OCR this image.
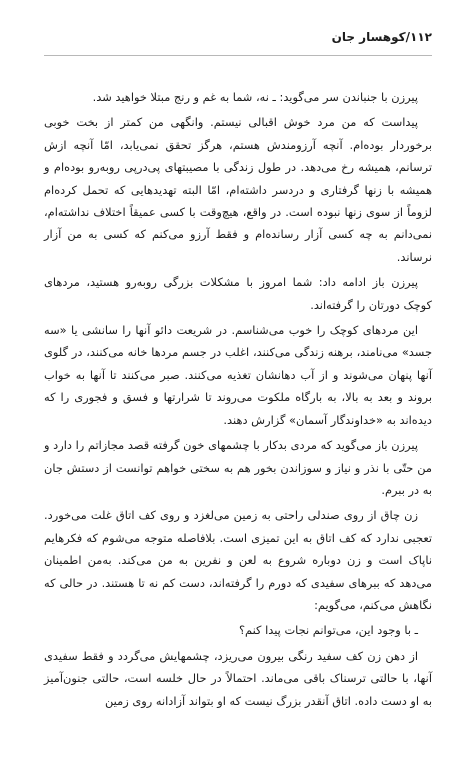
۱۱۲/کوهسار جان

پیرزن با جنباندن سر می‌گوید: ـ نه، شما به غم و رنج مبتلا خواهید شد.

پیداست که من مرد خوش اقبالی نیستم. وانگهی من کمتر از بخت خوبی برخوردار بوده‌ام. آنچه آرزومندش هستم، هرگز تحقق نمی‌یابد، امّا آنچه ازش ترسانم، همیشه رخ می‌دهد. در طول زندگی با مصیبتهای پی‌درپی روبه‌رو بوده‌ام و همیشه با زنها گرفتاری و دردسر داشته‌ام، امّا البته تهدیدهایی که تحمل کرده‌ام لزوماً از سوی زنها نبوده است. در واقع، هیچ‌وقت با کسی عمیقاً اختلاف نداشته‌ام، نمی‌دانم به چه کسی آزار رسانده‌ام و فقط آرزو می‌کنم که کسی به من آزار نرساند.

پیرزن باز ادامه داد: شما امروز با مشکلات بزرگی روبه‌رو هستید، مردهای کوچک دورتان را گرفته‌اند.

این مردهای کوچک را خوب می‌شناسم. در شریعت دائو آنها را سانشی یا «سه جسد» می‌نامند، برهنه زندگی می‌کنند، اغلب در جسم مردها خانه می‌کنند، در گلوی آنها پنهان می‌شوند و از آب دهانشان تغذیه می‌کنند. صبر می‌کنند تا آنها به خواب بروند و بعد به بالا، به بارگاه ملکوت می‌روند تا شرارتها و فسق و فجوری را که دیده‌اند به «خداوندگار آسمان» گزارش دهند.

پیرزن باز می‌گوید که مردی بدکار با چشمهای خون گرفته قصد مجازاتم را دارد و من حتّی با نذر و نیاز و سوزاندن بخور هم به سختی خواهم توانست از دستش جان به در ببرم.

زن چاق از روی صندلی راحتی به زمین می‌لغزد و روی کف اتاق غلت می‌خورد. تعجبی ندارد که کف اتاق به این تمیزی است. بلافاصله متوجه می‌شوم که فکرهایم ناپاک است و زن دوباره شروع به لعن و نفرین به من می‌کند. به‌من اطمینان می‌دهد که ببرهای سفیدی که دورم را گرفته‌اند، دست کم نه تا هستند. در حالی که نگاهش می‌کنم، می‌گویم:

ـ با وجود این، می‌توانم نجات پیدا کنم؟

از دهن زن کف سفید رنگی بیرون می‌ریزد، چشمهایش می‌گردد و فقط سفیدی آنها، با حالتی ترسناک باقی می‌ماند. احتمالاً در حال خلسه است، حالتی جنون‌آمیز به او دست داده. اتاق آنقدر بزرگ نیست که او بتواند آزادانه روی زمین
